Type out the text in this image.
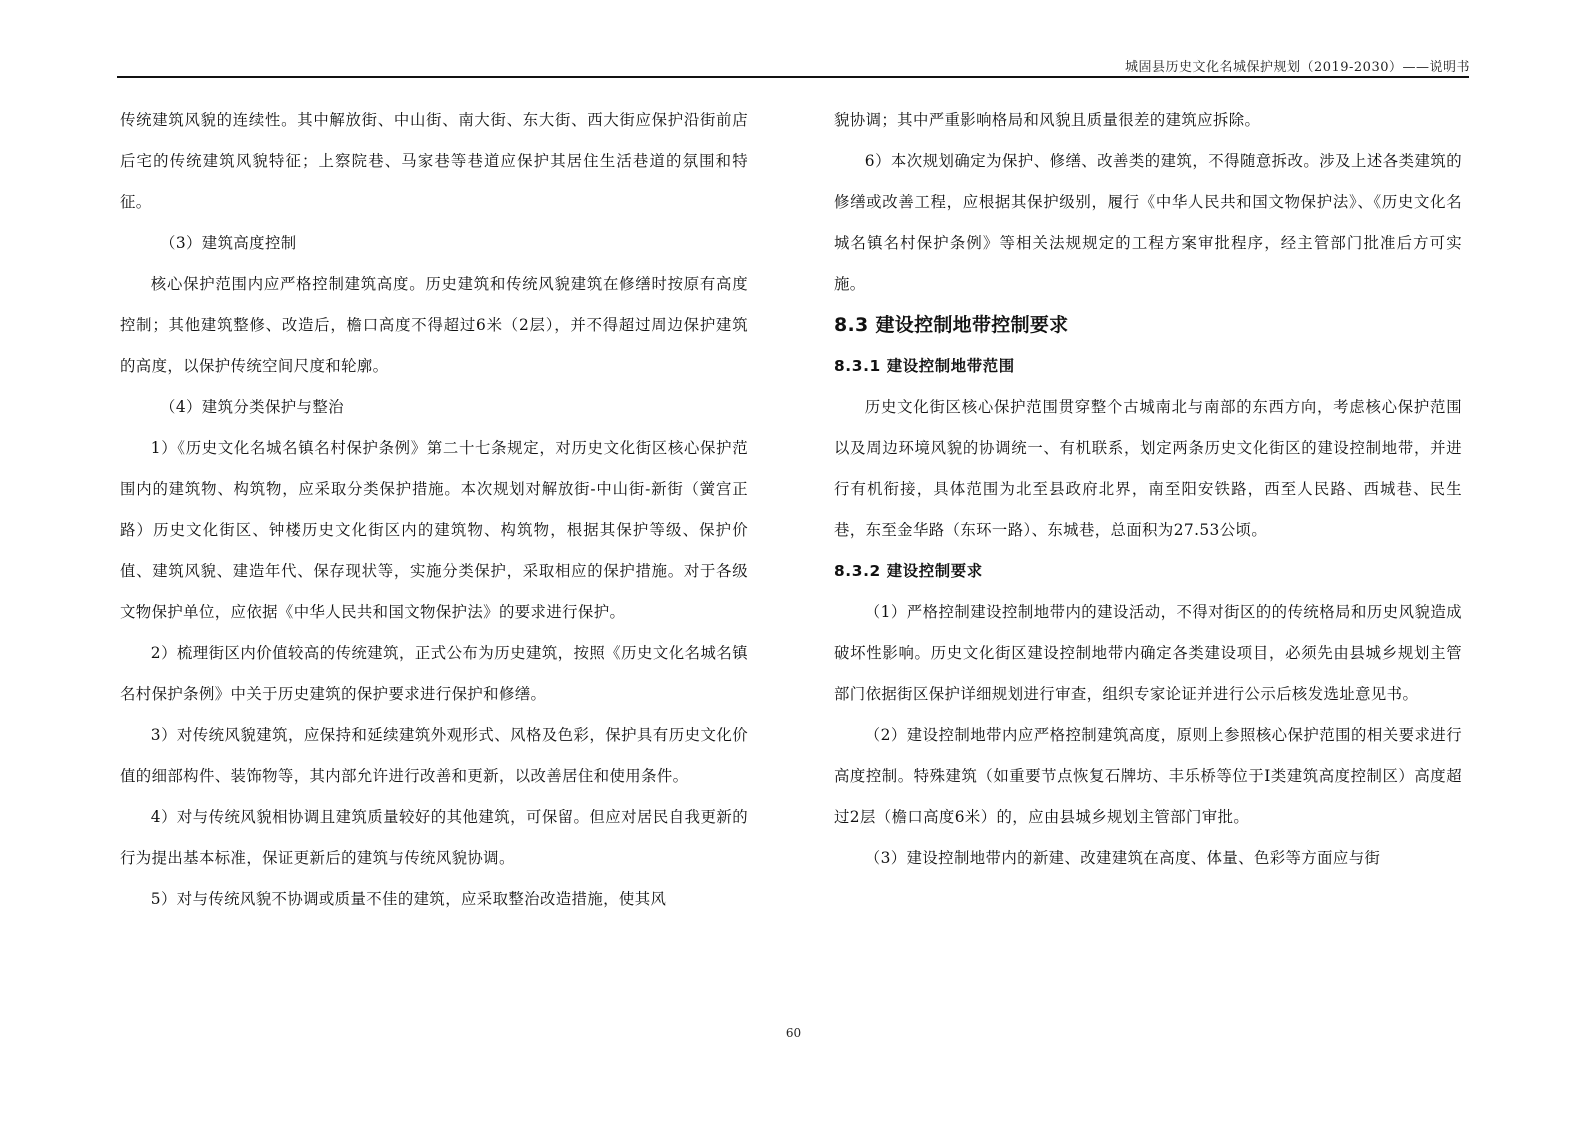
城固县历史文化名城保护规划（2019-2030）——说明书

传统建筑风貌的连续性。其中解放街、中山街、南大街、东大街、西大街应保护沿街前店后宅的传统建筑风貌特征；上察院巷、马家巷等巷道应保护其居住生活巷道的氛围和特征。

（3）建筑高度控制

核心保护范围内应严格控制建筑高度。历史建筑和传统风貌建筑在修缮时按原有高度控制；其他建筑整修、改造后，檐口高度不得超过6米（2层），并不得超过周边保护建筑的高度，以保护传统空间尺度和轮廓。

（4）建筑分类保护与整治

1）《历史文化名城名镇名村保护条例》第二十七条规定，对历史文化街区核心保护范围内的建筑物、构筑物，应采取分类保护措施。本次规划对解放街-中山街-新街（黉宫正路）历史文化街区、钟楼历史文化街区内的建筑物、构筑物，根据其保护等级、保护价值、建筑风貌、建造年代、保存现状等，实施分类保护，采取相应的保护措施。对于各级文物保护单位，应依据《中华人民共和国文物保护法》的要求进行保护。

2）梳理街区内价值较高的传统建筑，正式公布为历史建筑，按照《历史文化名城名镇名村保护条例》中关于历史建筑的保护要求进行保护和修缮。

3）对传统风貌建筑，应保持和延续建筑外观形式、风格及色彩，保护具有历史文化价值的细部构件、装饰物等，其内部允许进行改善和更新，以改善居住和使用条件。

4）对与传统风貌相协调且建筑质量较好的其他建筑，可保留。但应对居民自我更新的行为提出基本标准，保证更新后的建筑与传统风貌协调。

5）对与传统风貌不协调或质量不佳的建筑，应采取整治改造措施，使其风

貌协调；其中严重影响格局和风貌且质量很差的建筑应拆除。

6）本次规划确定为保护、修缮、改善类的建筑，不得随意拆改。涉及上述各类建筑的修缮或改善工程，应根据其保护级别，履行《中华人民共和国文物保护法》、《历史文化名城名镇名村保护条例》等相关法规规定的工程方案审批程序，经主管部门批准后方可实施。

8.3 建设控制地带控制要求
8.3.1 建设控制地带范围

历史文化街区核心保护范围贯穿整个古城南北与南部的东西方向，考虑核心保护范围以及周边环境风貌的协调统一、有机联系，划定两条历史文化街区的建设控制地带，并进行有机衔接，具体范围为北至县政府北界，南至阳安铁路，西至人民路、西城巷、民生巷，东至金华路（东环一路）、东城巷，总面积为27.53公顷。

8.3.2 建设控制要求

（1）严格控制建设控制地带内的建设活动，不得对街区的的传统格局和历史风貌造成破坏性影响。历史文化街区建设控制地带内确定各类建设项目，必须先由县城乡规划主管部门依据街区保护详细规划进行审查，组织专家论证并进行公示后核发选址意见书。

（2）建设控制地带内应严格控制建筑高度，原则上参照核心保护范围的相关要求进行高度控制。特殊建筑（如重要节点恢复石牌坊、丰乐桥等位于Ⅰ类建筑高度控制区）高度超过2层（檐口高度6米）的，应由县城乡规划主管部门审批。

（3）建设控制地带内的新建、改建建筑在高度、体量、色彩等方面应与街

60
